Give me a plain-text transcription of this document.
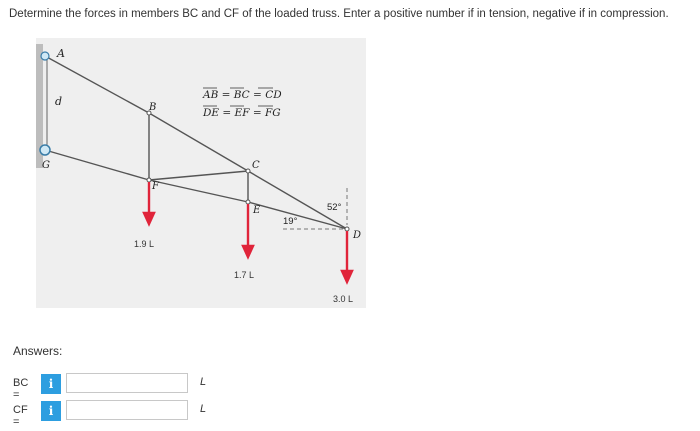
Determine the forces in members BC and CF of the loaded truss. Enter a positive number if in tension, negative if in compression.
A
d
G
B
F
C
E
D
AB = BC = CD
DE = EF = FG
19°
52°
1.9 L
1.7 L
3.0 L
Answers:
BC =
i	L
CF =
i	L
